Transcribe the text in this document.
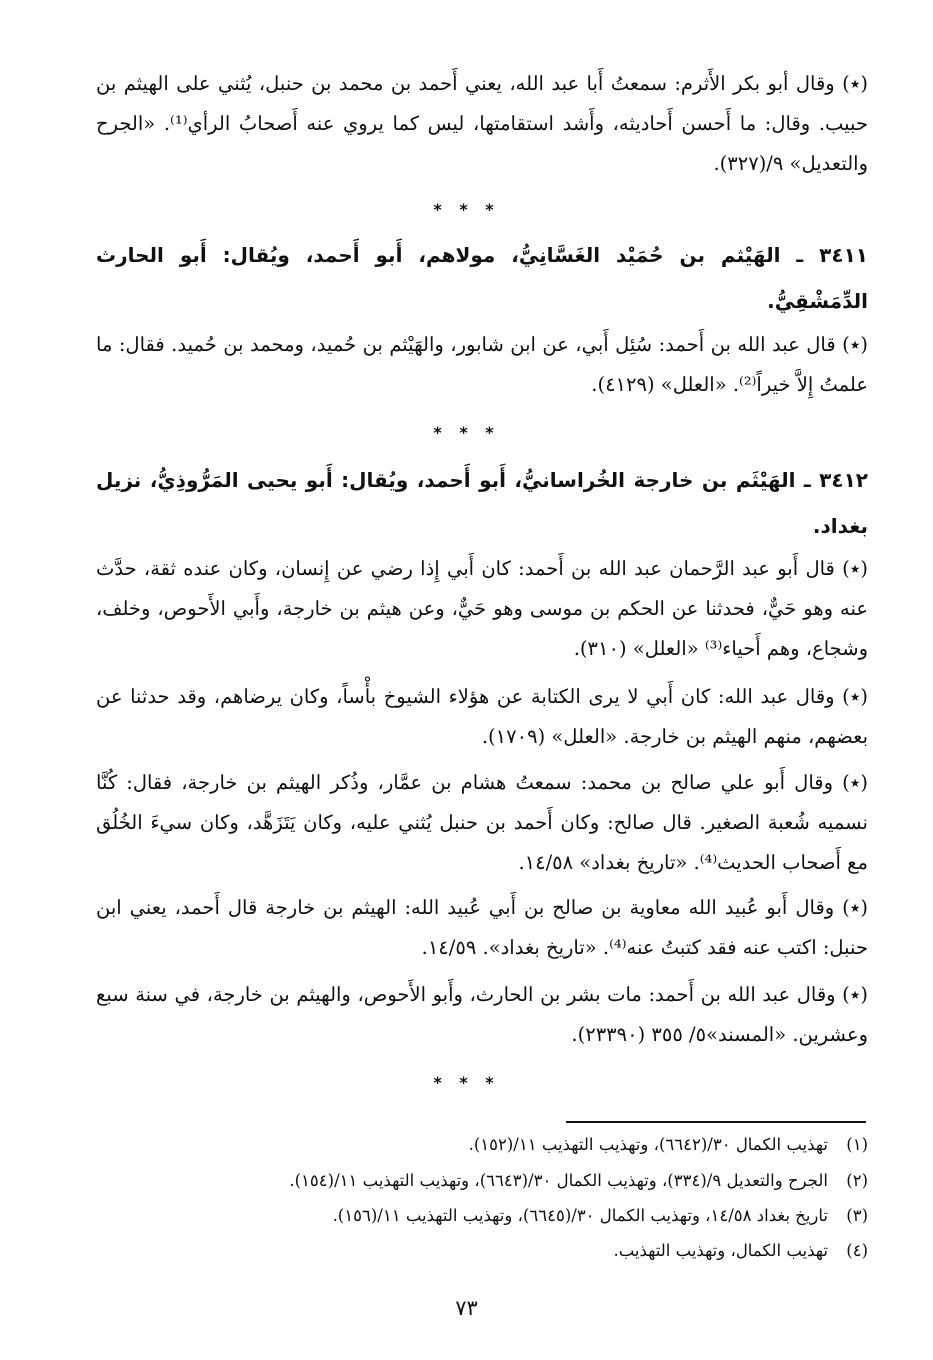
(٭) وقال أبو بكر الأَثرم: سمعتُ أَبا عبد الله، يعني أَحمد بن محمد بن حنبل، يُثني على الهيثم بن حبيب. وقال: ما أَحسن أَحاديثه، وأَشد استقامتها، ليس كما يروي عنه أَصحابُ الرأي⁽¹⁾. «الجرح والتعديل» ٩/(٣٢٧).

* * *

٣٤١١ ـ الهَيْثم بن حُمَيْد الغَسَّانِيُّ، مولاهم، أَبو أَحمد، ويُقال: أَبو الحارث الدِّمَشْقِيُّ.

(٭) قال عبد الله بن أَحمد: سُئِل أَبي، عن ابن شابور، والهَيْثم بن حُميد، ومحمد بن حُميد. فقال: ما علمتُ إِلاَّ خيراً⁽²⁾. «العلل» (٤١٢٩).

* * *

٣٤١٢ ـ الهَيْثَم بن خارجة الخُراسانيُّ، أَبو أَحمد، ويُقال: أَبو يحيى المَرُّوذِيُّ، نزيل بغداد.

(٭) قال أَبو عبد الرَّحمان عبد الله بن أَحمد: كان أَبي إِذا رضي عن إِنسان، وكان عنده ثقة، حدَّث عنه وهو حَيٌّ، فحدثنا عن الحكم بن موسى وهو حَيٌّ، وعن هيثم بن خارجة، وأَبي الأَحوص، وخلف، وشجاع، وهم أَحياء⁽³⁾ «العلل» (٣١٠).

(٭) وقال عبد الله: كان أَبي لا يرى الكتابة عن هؤلاء الشيوخ بأْساً، وكان يرضاهم، وقد حدثنا عن بعضهم، منهم الهيثم بن خارجة. «العلل» (١٧٠٩).

(٭) وقال أَبو علي صالح بن محمد: سمعتُ هشام بن عمَّار، وذُكر الهيثم بن خارجة، فقال: كُنَّا نسميه شُعبة الصغير. قال صالح: وكان أَحمد بن حنبل يُثني عليه، وكان يَتَزَهَّد، وكان سيءَ الخُلُق مع أَصحاب الحديث⁽⁴⁾. «تاريخ بغداد» ١٤/٥٨.

(٭) وقال أَبو عُبيد الله معاوية بن صالح بن أَبي عُبيد الله: الهيثم بن خارجة قال أَحمد، يعني ابن حنبل: اكتب عنه فقد كتبتُ عنه⁽⁴⁾. «تاريخ بغداد». ١٤/٥٩.

(٭) وقال عبد الله بن أَحمد: مات بشر بن الحارث، وأَبو الأَحوص، والهيثم بن خارجة، في سنة سبع وعشرين. «المسند»٥/ ٣٥٥ (٢٣٣٩٠).

* * *

(١)تهذيب الكمال ٣٠/(٦٦٤٢)، وتهذيب التهذيب ١١/(١٥٢).

(٢)الجرح والتعديل ٩/(٣٣٤)، وتهذيب الكمال ٣٠/(٦٦٤٣)، وتهذيب التهذيب ١١/(١٥٤).

(٣)تاريخ بغداد ١٤/٥٨، وتهذيب الكمال ٣٠/(٦٦٤٥)، وتهذيب التهذيب ١١/(١٥٦).

(٤)تهذيب الكمال، وتهذيب التهذيب.

٧٣
